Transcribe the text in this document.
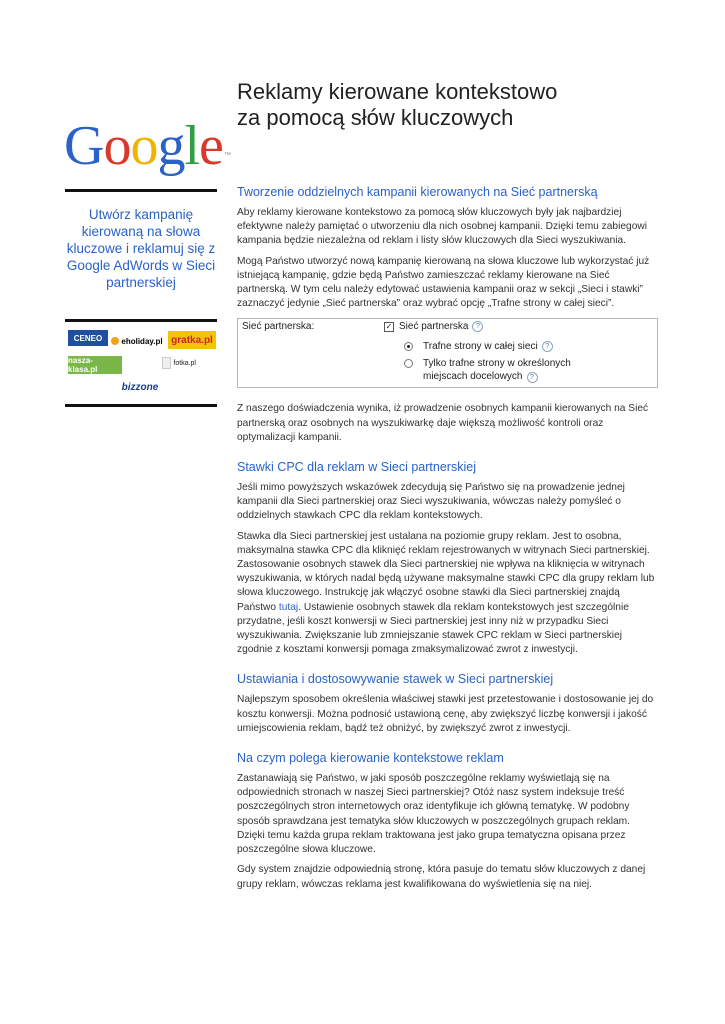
Google™
Reklamy kierowane kontekstowo
za pomocą słów kluczowych
Utwórz kampanię kierowaną na słowa kluczowe i reklamuj się z Google AdWords w Sieci partnerskiej
CENEO	eholiday.pl gratka.pl
nasza-klasa.pl
fotka.pl
bizzone
Tworzenie oddzielnych kampanii kierowanych na Sieć partnerską

Aby reklamy kierowane kontekstowo za pomocą słów kluczowych były jak najbardziej efektywne należy pamiętać o utworzeniu dla nich osobnej kampanii. Dzięki temu zabiegowi kampania będzie niezależna od reklam i listy słów kluczowych dla Sieci wyszukiwania.

Mogą Państwo utworzyć nową kampanię kierowaną na słowa kluczowe lub wykorzystać już istniejącą kampanię, gdzie będą Państwo zamieszczać reklamy kierowane na Sieć partnerską. W tym celu należy edytować ustawienia kampanii oraz w sekcji „Sieci i stawki” zaznaczyć jedynie „Sieć partnerska” oraz wybrać opcję „Trafne strony w całej sieci”.

Sieć partnerska:	✓ Sieć partnerska	?
Trafne strony w całej sieci	?
Tylko trafne strony w określonych miejscach docelowych ?

Z naszego doświadczenia wynika, iż prowadzenie osobnych kampanii kierowanych na Sieć partnerską oraz osobnych na wyszukiwarkę daje większą możliwość kontroli oraz optymalizacji kampanii.

Stawki CPC dla reklam w Sieci partnerskiej

Jeśli mimo powyższych wskazówek zdecydują się Państwo się na prowadzenie jednej kampanii dla Sieci partnerskiej oraz Sieci wyszukiwania, wówczas należy pomyśleć o oddzielnych stawkach CPC dla reklam kontekstowych.

Stawka dla Sieci partnerskiej jest ustalana na poziomie grupy reklam. Jest to osobna, maksymalna stawka CPC dla kliknięć reklam rejestrowanych w witrynach Sieci partnerskiej. Zastosowanie osobnych stawek dla Sieci partnerskiej nie wpływa na kliknięcia w witrynach wyszukiwania, w których nadal będą używane maksymalne stawki CPC dla grupy reklam lub słowa kluczowego. Instrukcję jak włączyć osobne stawki dla Sieci partnerskiej znajdą Państwo tutaj. Ustawienie osobnych stawek dla reklam kontekstowych jest szczególnie przydatne, jeśli koszt konwersji w Sieci partnerskiej jest inny niż w przypadku Sieci wyszukiwania. Zwiększanie lub zmniejszanie stawek CPC reklam w Sieci partnerskiej zgodnie z kosztami konwersji pomaga zmaksymalizować zwrot z inwestycji.

Ustawiania i dostosowywanie stawek w Sieci partnerskiej

Najlepszym sposobem określenia właściwej stawki jest przetestowanie i dostosowanie jej do kosztu konwersji. Można podnosić ustawioną cenę, aby zwiększyć liczbę konwersji i jakość umiejscowienia reklam, bądź też obniżyć, by zwiększyć zwrot z inwestycji.

Na czym polega kierowanie kontekstowe reklam

Zastanawiają się Państwo, w jaki sposób poszczególne reklamy wyświetlają się na odpowiednich stronach w naszej Sieci partnerskiej? Otóż nasz system indeksuje treść poszczególnych stron internetowych oraz identyfikuje ich główną tematykę. W podobny sposób sprawdzana jest tematyka słów kluczowych w poszczególnych grupach reklam. Dzięki temu każda grupa reklam traktowana jest jako grupa tematyczna opisana przez poszczególne słowa kluczowe.

Gdy system znajdzie odpowiednią stronę, która pasuje do tematu słów kluczowych z danej grupy reklam, wówczas reklama jest kwalifikowana do wyświetlenia się na niej.
